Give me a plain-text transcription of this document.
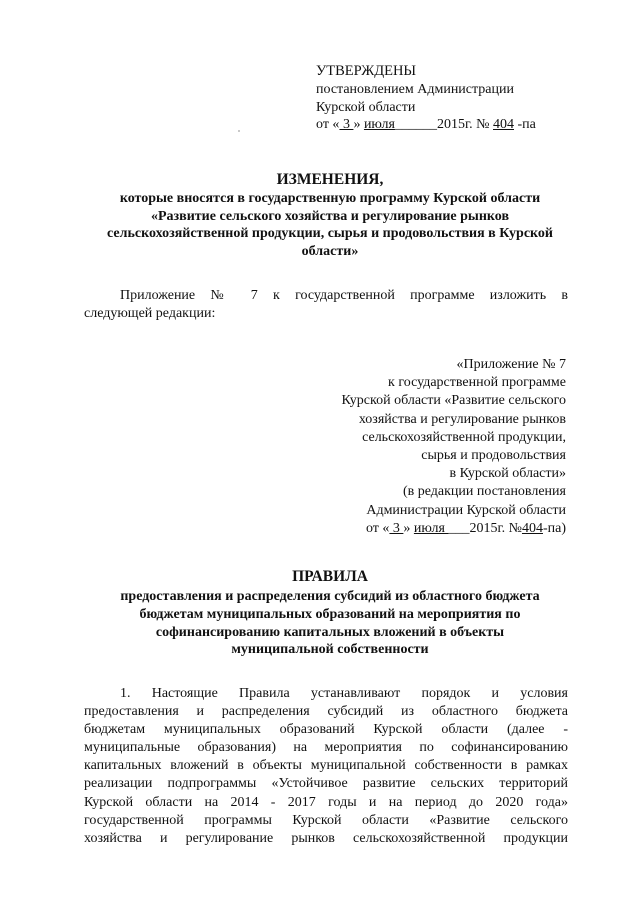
УТВЕРЖДЕНЫ
постановлением Администрации
Курской области
от « 3 » июля______2015г. № 404 -па
ИЗМЕНЕНИЯ,
которые вносятся в государственную программу Курской области
«Развитие сельского хозяйства и регулирование рынков
сельскохозяйственной продукции, сырья и продовольствия в Курской
области»
Приложение № 7 к государственной программе изложить в
следующей редакции:
«Приложение № 7
к государственной программе
Курской области «Развитие сельского
хозяйства и регулирование рынков
сельскохозяйственной продукции,
сырья и продовольствия
в Курской области»
(в редакции постановления
Администрации Курской области
от « 3 » июля ___2015г. №404-па)
ПРАВИЛА
предоставления и распределения субсидий из областного бюджета
бюджетам муниципальных образований на мероприятия по
софинансированию капитальных вложений в объекты
муниципальной собственности
1. Настоящие Правила устанавливают порядок и условия
предоставления и распределения субсидий из областного бюджета
бюджетам муниципальных образований Курской области (далее -
муниципальные образования) на мероприятия по софинансированию
капитальных вложений в объекты муниципальной собственности в рамках
реализации подпрограммы «Устойчивое развитие сельских территорий
Курской области на 2014 - 2017 годы и на период до 2020 года»
государственной программы Курской области «Развитие сельского
хозяйства и регулирование рынков сельскохозяйственной продукции
